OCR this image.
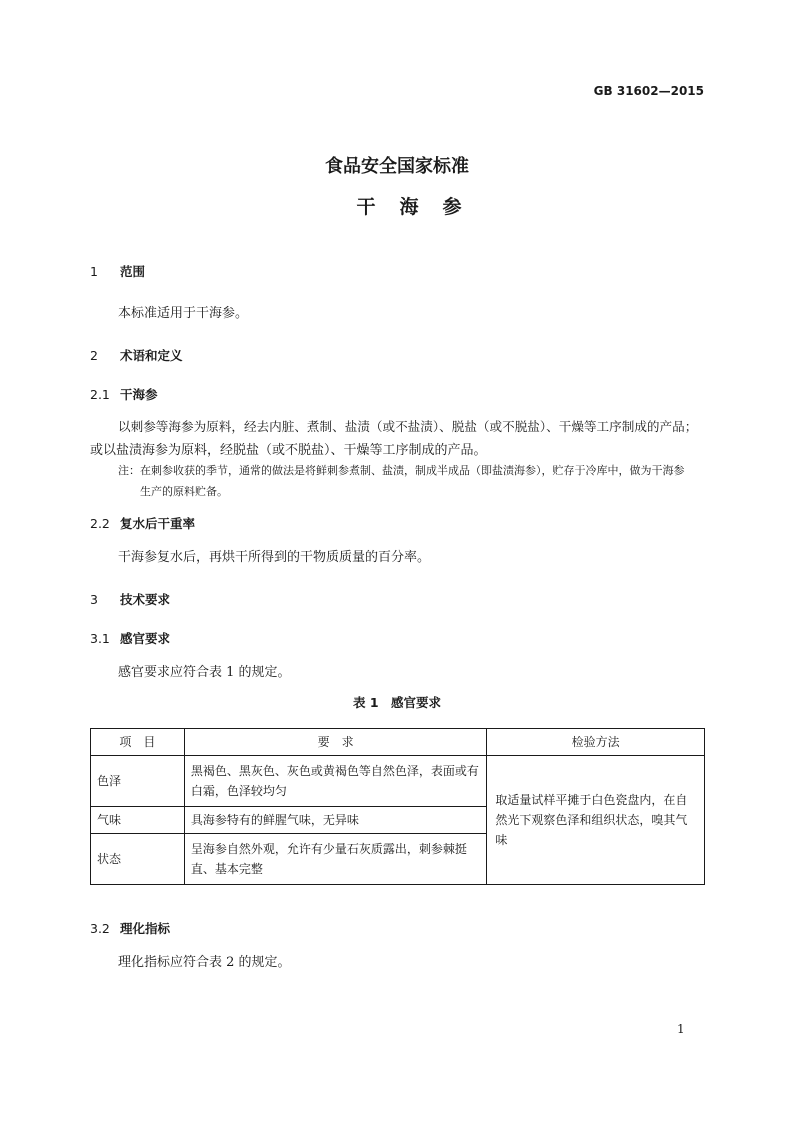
GB 31602—2015
食品安全国家标准
干海参
1 范围
本标准适用于干海参。
2 术语和定义
2.1 干海参
以刺参等海参为原料，经去内脏、煮制、盐渍（或不盐渍）、脱盐（或不脱盐）、干燥等工序制成的产品；
或以盐渍海参为原料，经脱盐（或不脱盐）、干燥等工序制成的产品。
注：在刺参收获的季节，通常的做法是将鲜刺参煮制、盐渍，制成半成品（即盐渍海参），贮存于冷库中，做为干海参
生产的原料贮备。
2.2 复水后干重率
干海参复水后，再烘干所得到的干物质质量的百分率。
3 技术要求
3.1 感官要求
感官要求应符合表 1 的规定。
表 1　感官要求
项　目	要　求	检验方法
色泽	黑褐色、黑灰色、灰色或黄褐色等自然色泽，表面或有白霜，色泽较均匀	取适量试样平摊于白色瓷盘内，在自然光下观察色泽和组织状态，嗅其气味
气味	具海参特有的鲜腥气味，无异味	
状态	呈海参自然外观，允许有少量石灰质露出，刺参棘挺直、基本完整	
3.2 理化指标
理化指标应符合表 2 的规定。
1
